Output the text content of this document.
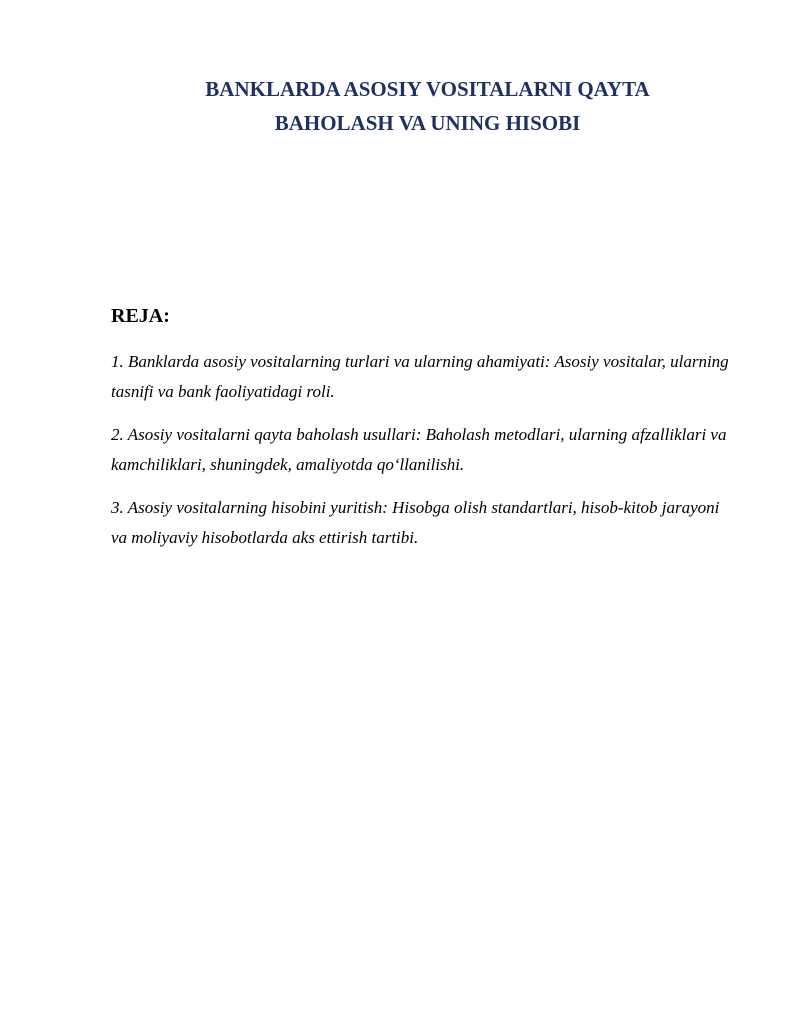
BANKLARDA ASOSIY VOSITALARNI QAYTA
BAHOLASH VA UNING HISOBI
REJA:
1. Banklarda asosiy vositalarning turlari va ularning ahamiyati: Asosiy vositalar, ularning tasnifi va bank faoliyatidagi roli.
2. Asosiy vositalarni qayta baholash usullari: Baholash metodlari, ularning afzalliklari va kamchiliklari, shuningdek, amaliyotda qo‘llanilishi.
3. Asosiy vositalarning hisobini yuritish: Hisobga olish standartlari, hisob-kitob jarayoni va moliyaviy hisobotlarda aks ettirish tartibi.
